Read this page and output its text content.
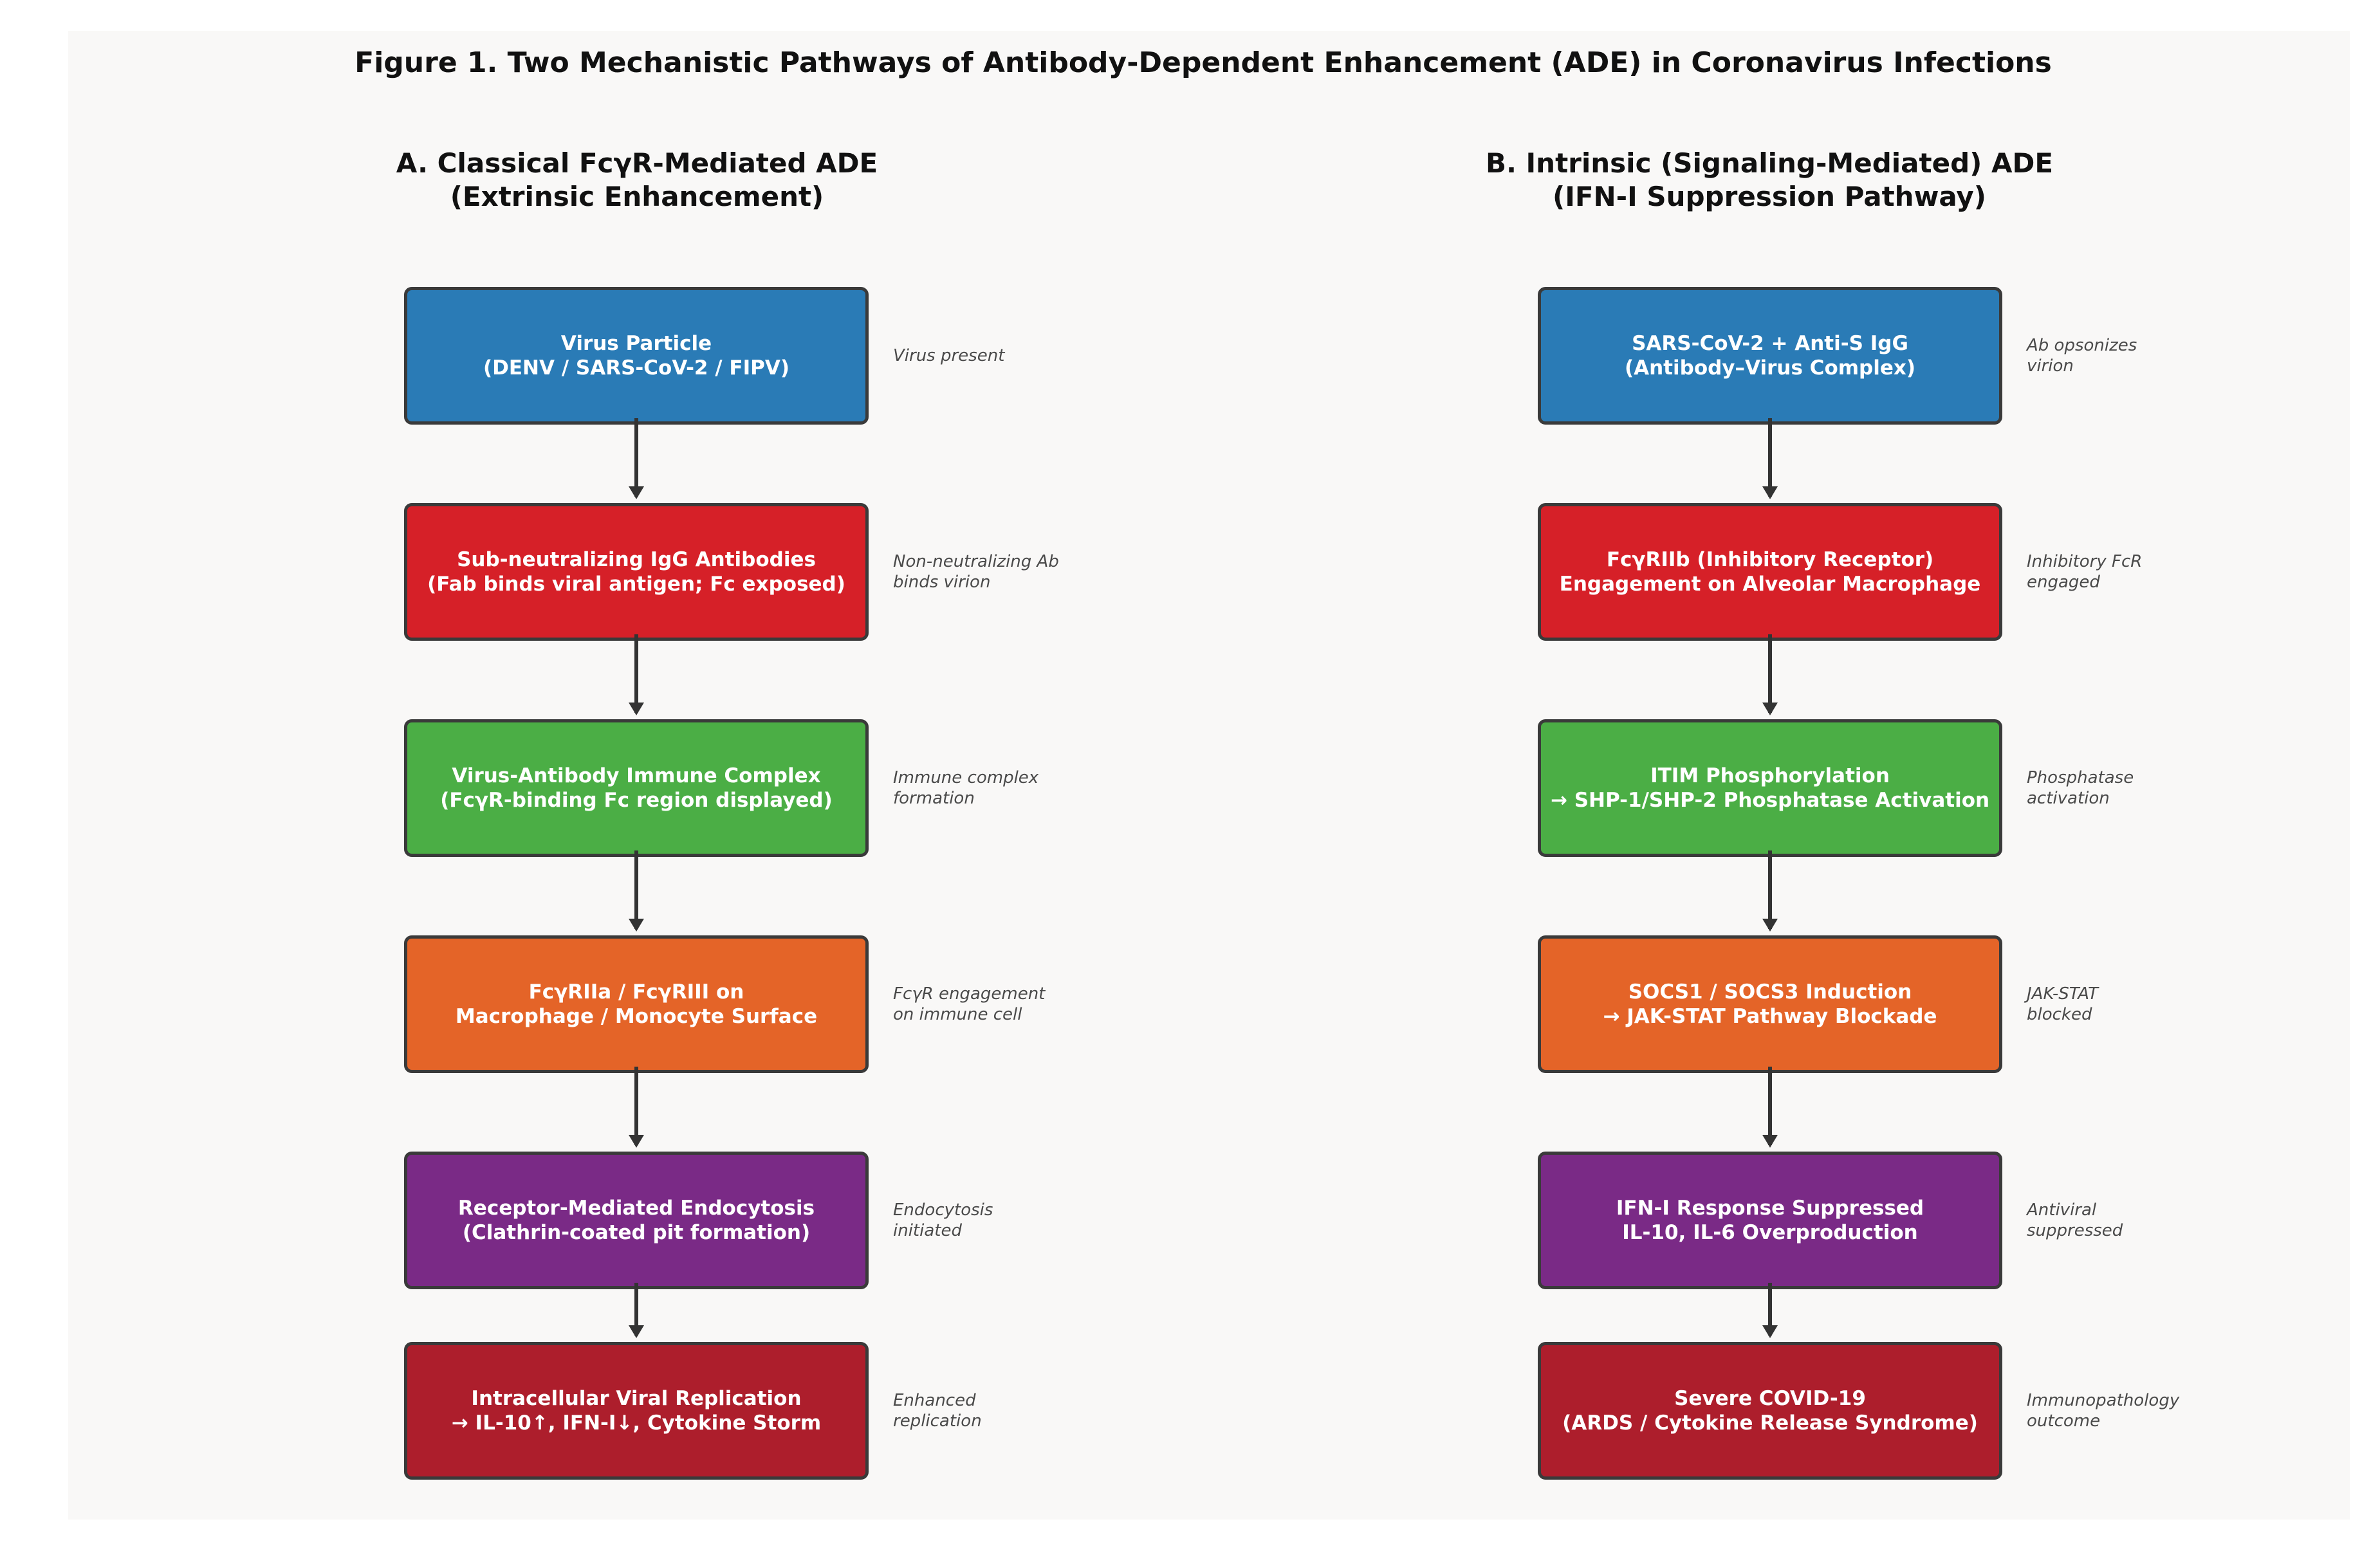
Figure 1. Two Mechanistic Pathways of Antibody-Dependent Enhancement (ADE) in Coronavirus Infections
A. Classical FcγR-Mediated ADE
(Extrinsic Enhancement)
B. Intrinsic (Signaling-Mediated) ADE
(IFN-I Suppression Pathway)
Virus Particle
(DENV / SARS-CoV-2 / FIPV)
Sub-neutralizing IgG Antibodies
(Fab binds viral antigen; Fc exposed)
Virus-Antibody Immune Complex
(FcγR-binding Fc region displayed)
FcγRIIa / FcγRIII on
Macrophage / Monocyte Surface
Receptor-Mediated Endocytosis
(Clathrin-coated pit formation)
Intracellular Viral Replication
→ IL-10↑, IFN-I↓, Cytokine Storm
Virus present
Non-neutralizing Ab
binds virion
Immune complex
formation
FcγR engagement
on immune cell
Endocytosis
initiated
Enhanced
replication
SARS-CoV-2 + Anti-S IgG
(Antibody–Virus Complex)
FcγRIIb (Inhibitory Receptor)
Engagement on Alveolar Macrophage
ITIM Phosphorylation
→ SHP-1/SHP-2 Phosphatase Activation
SOCS1 / SOCS3 Induction
→ JAK-STAT Pathway Blockade
IFN-I Response Suppressed
IL-10, IL-6 Overproduction
Severe COVID-19
(ARDS / Cytokine Release Syndrome)
Ab opsonizes
virion
Inhibitory FcR
engaged
Phosphatase
activation
JAK-STAT
blocked
Antiviral
suppressed
Immunopathology
outcome
